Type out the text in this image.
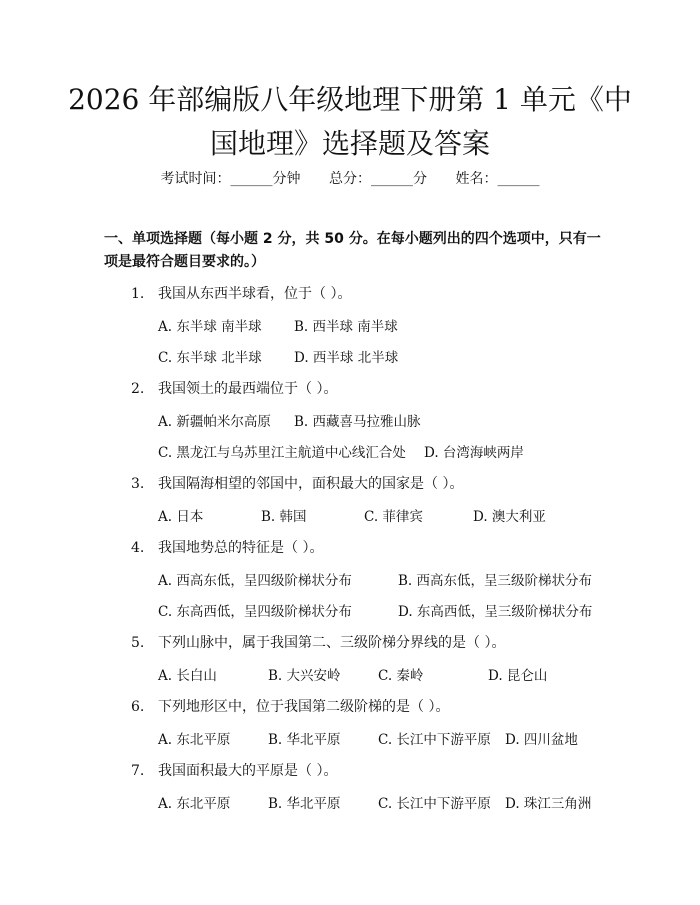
2026 年部编版八年级地理下册第 1 单元《中
国地理》选择题及答案
考试时间：______分钟 总分：______分 姓名：______
一、单项选择题（每小题 2 分，共 50 分。在每小题列出的四个选项中，只有一项是最符合题目要求的。）
1. 我国从东西半球看，位于（ ）。
A. 东半球 南半球 B. 西半球 南半球
C. 东半球 北半球 D. 西半球 北半球
2. 我国领土的最西端位于（ ）。
A. 新疆帕米尔高原 B. 西藏喜马拉雅山脉
C. 黑龙江与乌苏里江主航道中心线汇合处 D. 台湾海峡两岸
3. 我国隔海相望的邻国中，面积最大的国家是（ ）。
A. 日本	B. 韩国	C. 菲律宾	D. 澳大利亚
4. 我国地势总的特征是（ ）。
A. 西高东低，呈四级阶梯状分布	B. 西高东低，呈三级阶梯状分布
C. 东高西低，呈四级阶梯状分布	D. 东高西低，呈三级阶梯状分布
5. 下列山脉中，属于我国第二、三级阶梯分界线的是（ ）。
A. 长白山	B. 大兴安岭	C. 秦岭	D. 昆仑山
6. 下列地形区中，位于我国第二级阶梯的是（ ）。
A. 东北平原	B. 华北平原	C. 长江中下游平原 D. 四川盆地
7. 我国面积最大的平原是（ ）。
A. 东北平原	B. 华北平原	C. 长江中下游平原 D. 珠江三角洲
